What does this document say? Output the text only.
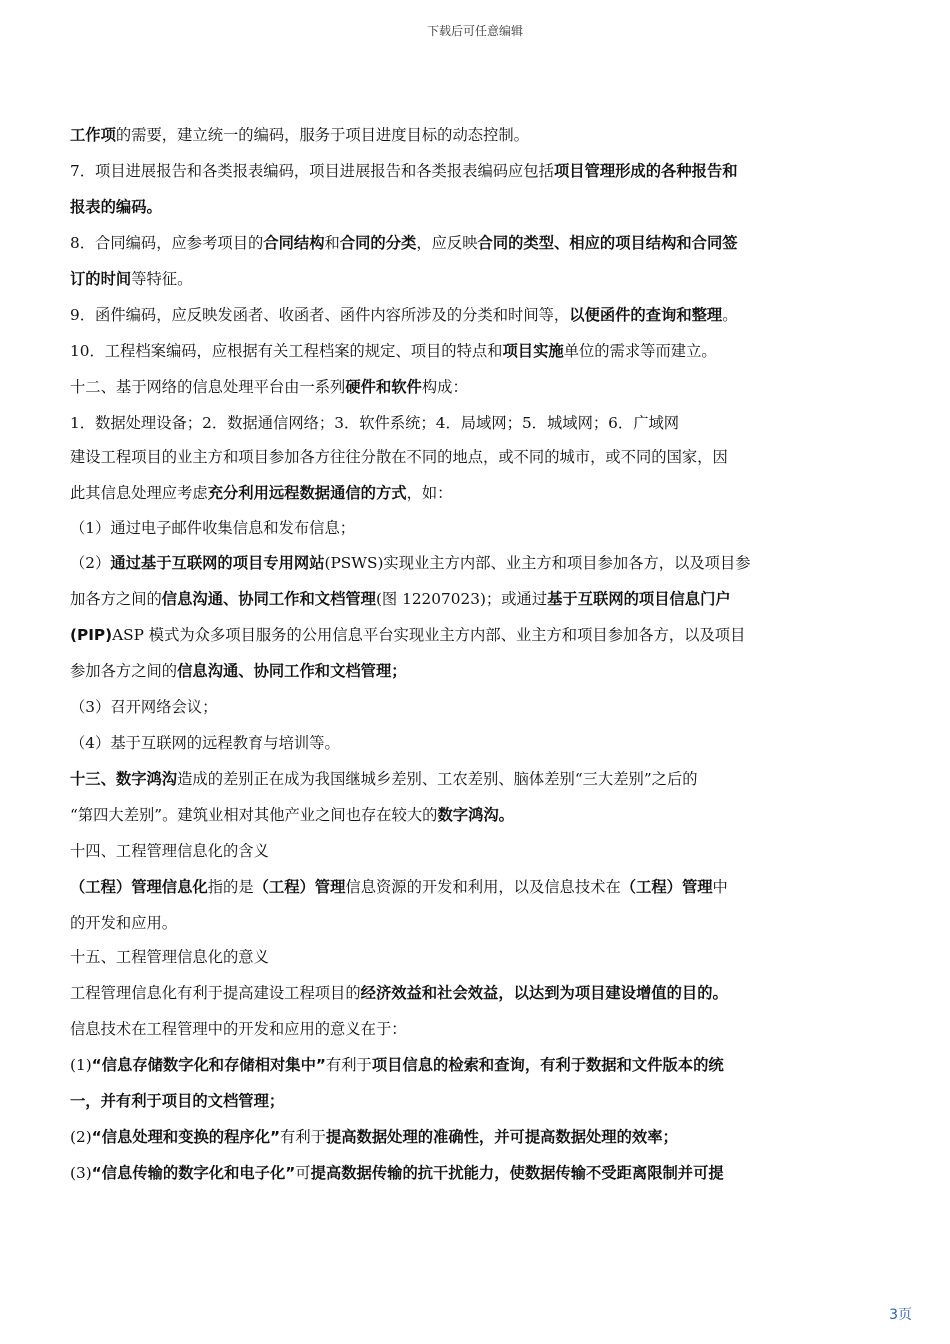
下载后可任意编辑
工作项的需要，建立统一的编码，服务于项目进度目标的动态控制。
7．项目进展报告和各类报表编码，项目进展报告和各类报表编码应包括项目管理形成的各种报告和
报表的编码。
8．合同编码，应参考项目的合同结构和合同的分类，应反映合同的类型、相应的项目结构和合同签
订的时间等特征。
9．函件编码，应反映发函者、收函者、函件内容所涉及的分类和时间等，以便函件的查询和整理。
10．工程档案编码，应根据有关工程档案的规定、项目的特点和项目实施单位的需求等而建立。
十二、基于网络的信息处理平台由一系列硬件和软件构成：
1．数据处理设备；2．数据通信网络；3．软件系统；4．局域网；5．城域网；6．广域网
建设工程项目的业主方和项目参加各方往往分散在不同的地点，或不同的城市，或不同的国家，因
此其信息处理应考虑充分利用远程数据通信的方式，如：
（1）通过电子邮件收集信息和发布信息；
（2）通过基于互联网的项目专用网站(PSWS)实现业主方内部、业主方和项目参加各方，以及项目参
加各方之间的信息沟通、协同工作和文档管理(图 12207023)；或通过基于互联网的项目信息门户
(PIP)ASP 模式为众多项目服务的公用信息平台实现业主方内部、业主方和项目参加各方，以及项目
参加各方之间的信息沟通、协同工作和文档管理；
（3）召开网络会议；
（4）基于互联网的远程教育与培训等。
十三、数字鸿沟造成的差别正在成为我国继城乡差别、工农差别、脑体差别“三大差别”之后的
“第四大差别”。建筑业相对其他产业之间也存在较大的数字鸿沟。
十四、工程管理信息化的含义
（工程）管理信息化指的是（工程）管理信息资源的开发和利用，以及信息技术在（工程）管理中
的开发和应用。
十五、工程管理信息化的意义
工程管理信息化有利于提高建设工程项目的经济效益和社会效益，以达到为项目建设增值的目的。
信息技术在工程管理中的开发和应用的意义在于：
(1)“信息存储数字化和存储相对集中”有利于项目信息的检索和查询，有利于数据和文件版本的统
一，并有利于项目的文档管理；
(2)“信息处理和变换的程序化”有利于提高数据处理的准确性，并可提高数据处理的效率；
(3)“信息传输的数字化和电子化”可提高数据传输的抗干扰能力，使数据传输不受距离限制并可提
3页
